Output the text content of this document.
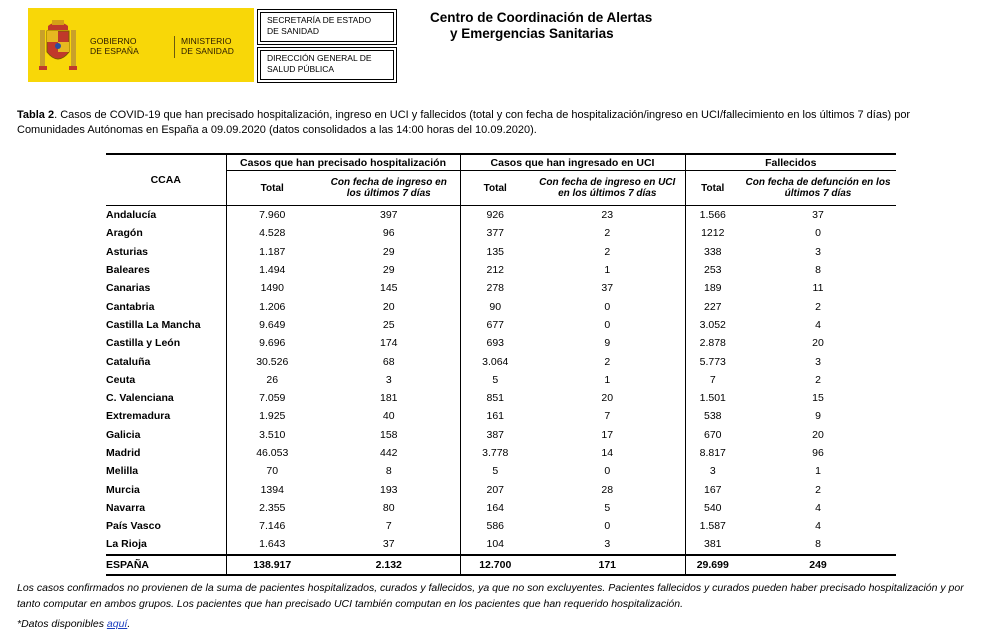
GOBIERNO
DE ESPAÑA
MINISTERIO
DE SANIDAD
SECRETARÍA DE ESTADO
DE SANIDAD
DIRECCIÓN GENERAL DE
SALUD PÚBLICA
Centro de Coordinación de Alertas
y Emergencias Sanitarias
Tabla 2. Casos de COVID-19 que han precisado hospitalización, ingreso en UCI y fallecidos (total y con fecha de hospitalización/ingreso en UCI/fallecimiento en los últimos 7 días) por Comunidades Autónomas en España a 09.09.2020 (datos consolidados a las 14:00 horas del 10.09.2020).
CCAA	Casos que han precisado hospitalización		Casos que han ingresado en UCI		Fallecidos	
	Total	Con fecha de ingreso en
los últimos 7 días	Total	Con fecha de ingreso en UCI
en los últimos 7 días	Total	Con fecha de defunción en los
últimos 7 días
Andalucía	7.960	397	926	23	1.566	37
Aragón	4.528	96	377	2	1212	0
Asturias	1.187	29	135	2	338	3
Baleares	1.494	29	212	1	253	8
Canarias	1490	145	278	37	189	11
Cantabria	1.206	20	90	0	227	2
Castilla La Mancha	9.649	25	677	0	3.052	4
Castilla y León	9.696	174	693	9	2.878	20
Cataluña	30.526	68	3.064	2	5.773	3
Ceuta	26	3	5	1	7	2
C. Valenciana	7.059	181	851	20	1.501	15
Extremadura	1.925	40	161	7	538	9
Galicia	3.510	158	387	17	670	20
Madrid	46.053	442	3.778	14	8.817	96
Melilla	70	8	5	0	3	1
Murcia	1394	193	207	28	167	2
Navarra	2.355	80	164	5	540	4
País Vasco	7.146	7	586	0	1.587	4
La Rioja	1.643	37	104	3	381	8
ESPAÑA	138.917	2.132	12.700	171	29.699	249
Los casos confirmados no provienen de la suma de pacientes hospitalizados, curados y fallecidos, ya que no son excluyentes. Pacientes fallecidos y curados pueden haber precisado hospitalización y por tanto computar en ambos grupos. Los pacientes que han precisado UCI también computan en los pacientes que han requerido hospitalización.
*Datos disponibles aquí.
